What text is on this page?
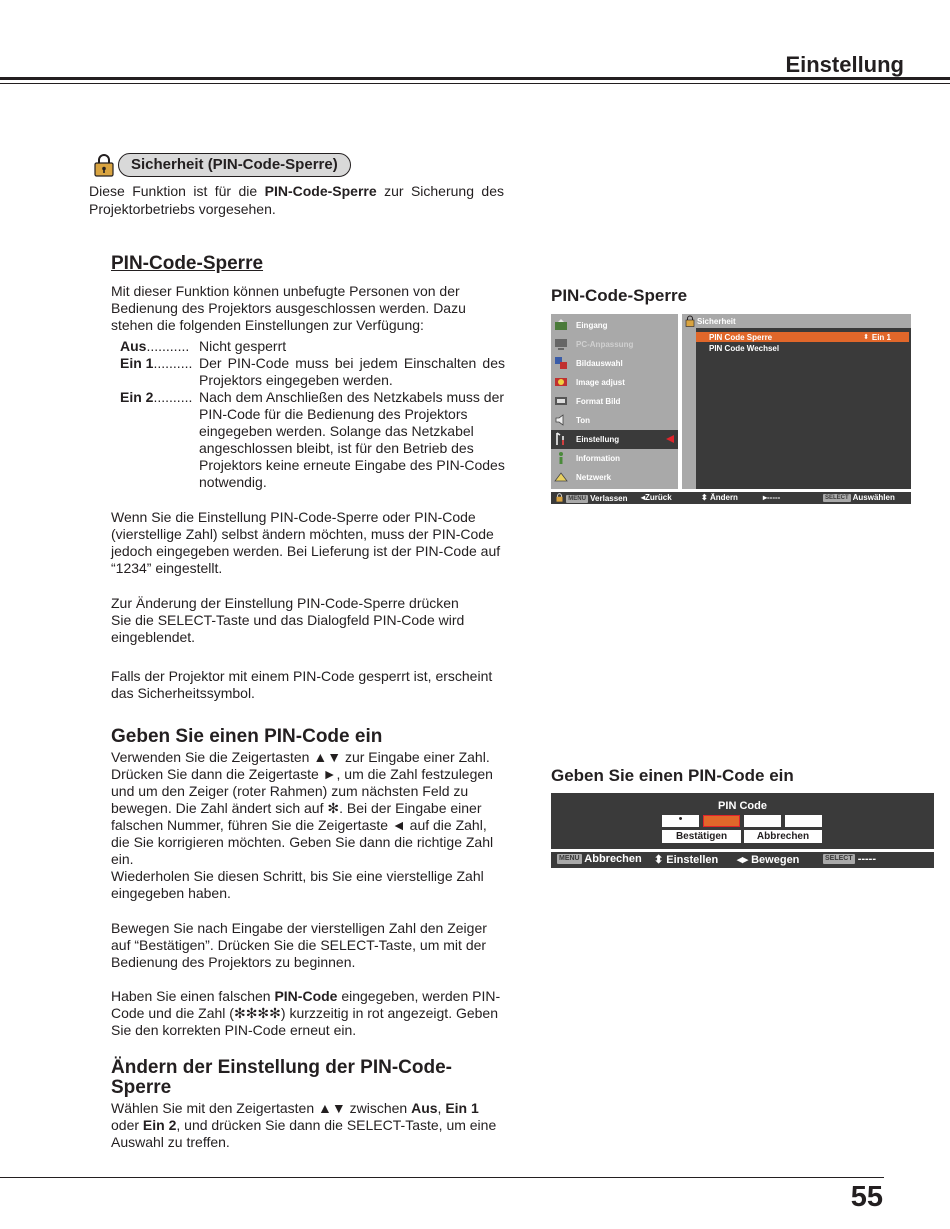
Einstellung
Sicherheit (PIN-Code-Sperre)
Diese Funktion ist für die PIN-Code-Sperre zur Sicherung des Projektorbetriebs vorgesehen.
PIN-Code-Sperre
Mit dieser Funktion können unbefugte Personen von der Bedienung des Projektors ausgeschlossen werden. Dazu stehen die folgenden Einstellungen zur Verfügung:
Aus........... Nicht gesperrt
Ein 1.......... Der PIN-Code muss bei jedem Einschalten des Projektors eingegeben werden.
Ein 2.......... Nach dem Anschließen des Netzkabels muss der PIN-Code für die Bedienung des Projektors eingegeben werden. Solange das Netzkabel angeschlossen bleibt, ist für den Betrieb des Projektors keine erneute Eingabe des PIN-Codes notwendig.
Wenn Sie die Einstellung PIN-Code-Sperre oder PIN-Code (vierstellige Zahl) selbst ändern möchten, muss der PIN-Code jedoch eingegeben werden. Bei Lieferung ist der PIN-Code auf “1234” eingestellt.
Zur Änderung der Einstellung PIN-Code-Sperre drücken Sie die SELECT-Taste und das Dialogfeld PIN-Code wird eingeblendet.
Falls der Projektor mit einem PIN-Code gesperrt ist, erscheint das Sicherheitssymbol.
Geben Sie einen PIN-Code ein
Verwenden Sie die Zeigertasten ▲▼ zur Eingabe einer Zahl. Drücken Sie dann die Zeigertaste ►, um die Zahl festzulegen und um den Zeiger (roter Rahmen) zum nächsten Feld zu bewegen. Die Zahl ändert sich auf ✻. Bei der Eingabe einer falschen Nummer, führen Sie die Zeigertaste ◄ auf die Zahl, die Sie korrigieren möchten. Geben Sie dann die richtige Zahl ein.
Wiederholen Sie diesen Schritt, bis Sie eine vierstellige Zahl eingegeben haben.
Bewegen Sie nach Eingabe der vierstelligen Zahl den Zeiger auf “Bestätigen”. Drücken Sie die SELECT-Taste, um mit der Bedienung des Projektors zu beginnen.
Haben Sie einen falschen PIN-Code eingegeben, werden PIN-Code und die Zahl (✻✻✻✻) kurzzeitig in rot angezeigt. Geben Sie den korrekten PIN-Code erneut ein.
Ändern der Einstellung der PIN-Code-Sperre
Wählen Sie mit den Zeigertasten ▲▼ zwischen Aus, Ein 1 oder Ein 2, und drücken Sie dann die SELECT-Taste, um eine Auswahl zu treffen.
PIN-Code-Sperre
Eingang
PC-Anpassung
Bildauswahl
Image adjust
Format Bild
Ton
Einstellung
Information
Netzwerk
Sicherheit
PIN Code Sperre	⬍ Ein 1
PIN Code Wechsel
MENU Verlassen ◂Zurück	⬍ Ändern	▸-----	SELECT Auswählen
Geben Sie einen PIN-Code ein
PIN Code
•
Bestätigen	Abbrechen
MENU Abbrechen ⬍ Einstellen ◂▸ Bewegen	SELECT -----
55
